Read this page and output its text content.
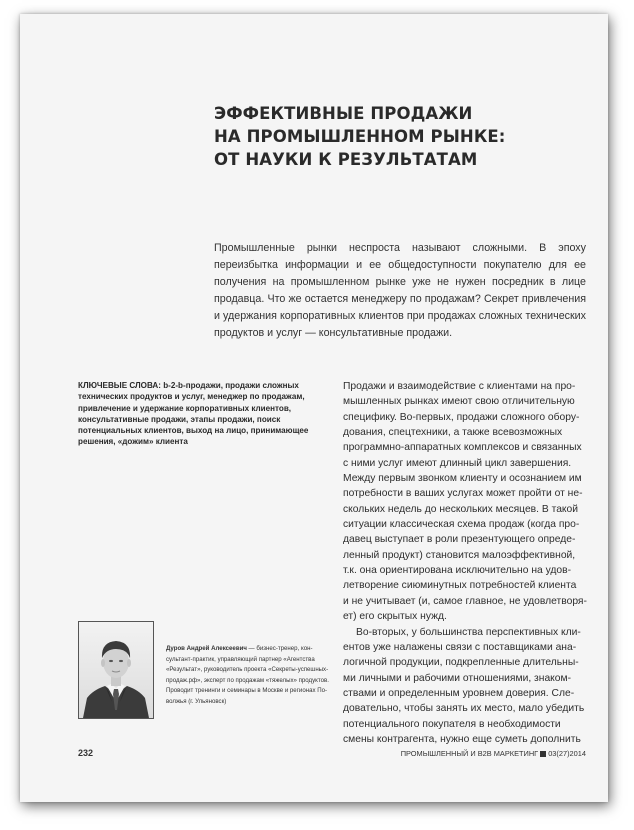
ЭФФЕКТИВНЫЕ ПРОДАЖИ
НА ПРОМЫШЛЕННОМ РЫНКЕ:
ОТ НАУКИ К РЕЗУЛЬТАТАМ

Промышленные рынки неспроста называют сложными. В эпоху переизбытка информации и ее общедоступности покупателю для ее получения на промышленном рынке уже не нужен посредник в лице продавца. Что же остается менеджеру по продажам? Секрет привлечения и удержания корпоративных клиентов при продажах сложных технических продуктов и услуг — консультативные продажи.

КЛЮЧЕВЫЕ СЛОВА: b-2-b-продажи, продажи сложных технических продуктов и услуг, менеджер по продажам, привлечение и удержание корпоративных клиентов, консультативные продажи, этапы продажи, поиск потенциальных клиентов, выход на лицо, принимающее решения, «дожим» клиента

Продажи и взаимодействие с клиентами на про-
мышленных рынках имеют свою отличительную
специфику. Во-первых, продажи сложного обору-
дования, спецтехники, а также всевозможных
программно-аппаратных комплексов и связанных
с ними услуг имеют длинный цикл завершения.
Между первым звонком клиенту и осознанием им
потребности в ваших услугах может пройти от не-
скольких недель до нескольких месяцев. В такой
ситуации классическая схема продаж (когда про-
давец выступает в роли презентующего опреде-
ленный продукт) становится малоэффективной,
т.к. она ориентирована исключительно на удов-
летворение сиюминутных потребностей клиента
и не учитывает (и, самое главное, не удовлетворя-
ет) его скрытых нужд.

Во-вторых, у большинства перспективных кли-
ентов уже налажены связи с поставщиками ана-
логичной продукции, подкрепленные длительны-
ми личными и рабочими отношениями, знаком-
ствами и определенным уровнем доверия. Сле-
довательно, чтобы занять их место, мало убедить
потенциального покупателя в необходимости
смены контрагента, нужно еще суметь дополнить

Дуров Андрей Алексеевич — бизнес-тренер, кон-
сультант-практик, управляющий партнер «Агентства
«Результат», руководитель проекта «Секреты-успешных-
продаж.рф», эксперт по продажам «тяжелых» продуктов.
Проводит тренинги и семинары в Москве и регионах По-
волжья (г. Ульяновск)

232	ПРОМЫШЛЕННЫЙ И В2В МАРКЕТИНГ 03(27)2014
